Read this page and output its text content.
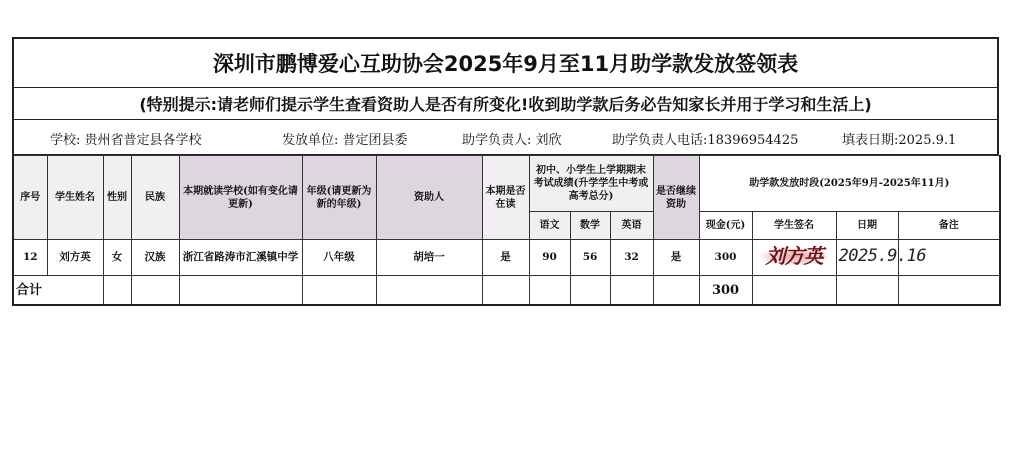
深圳市鹏博爱心互助协会2025年9月至11月助学款发放签领表
(特别提示:请老师们提示学生查看资助人是否有所变化!收到助学款后务必告知家长并用于学习和生活上)
学校: 贵州省普定县各学校	发放单位: 普定团县委	助学负责人: 刘欣	助学负责人电话:18396954425	填表日期:2025.9.1
序号	学生姓名	性别	民族	本期就读学校(如有变化请更新)	年级(请更新为新的年级)	资助人	本期是否在读	初中、小学生上学期期末考试成绩(升学学生中考或高考总分)			是否继续资助	助学款发放时段(2025年9月-2025年11月)			
								语文	数学	英语		现金(元)	学生签名	日期	备注
12	刘方英	女	汉族	浙江省路涛市汇溪镇中学	八年级	胡培一	是	90	56	32	是	300	刘方英	2025.9.16	
合计												300			
